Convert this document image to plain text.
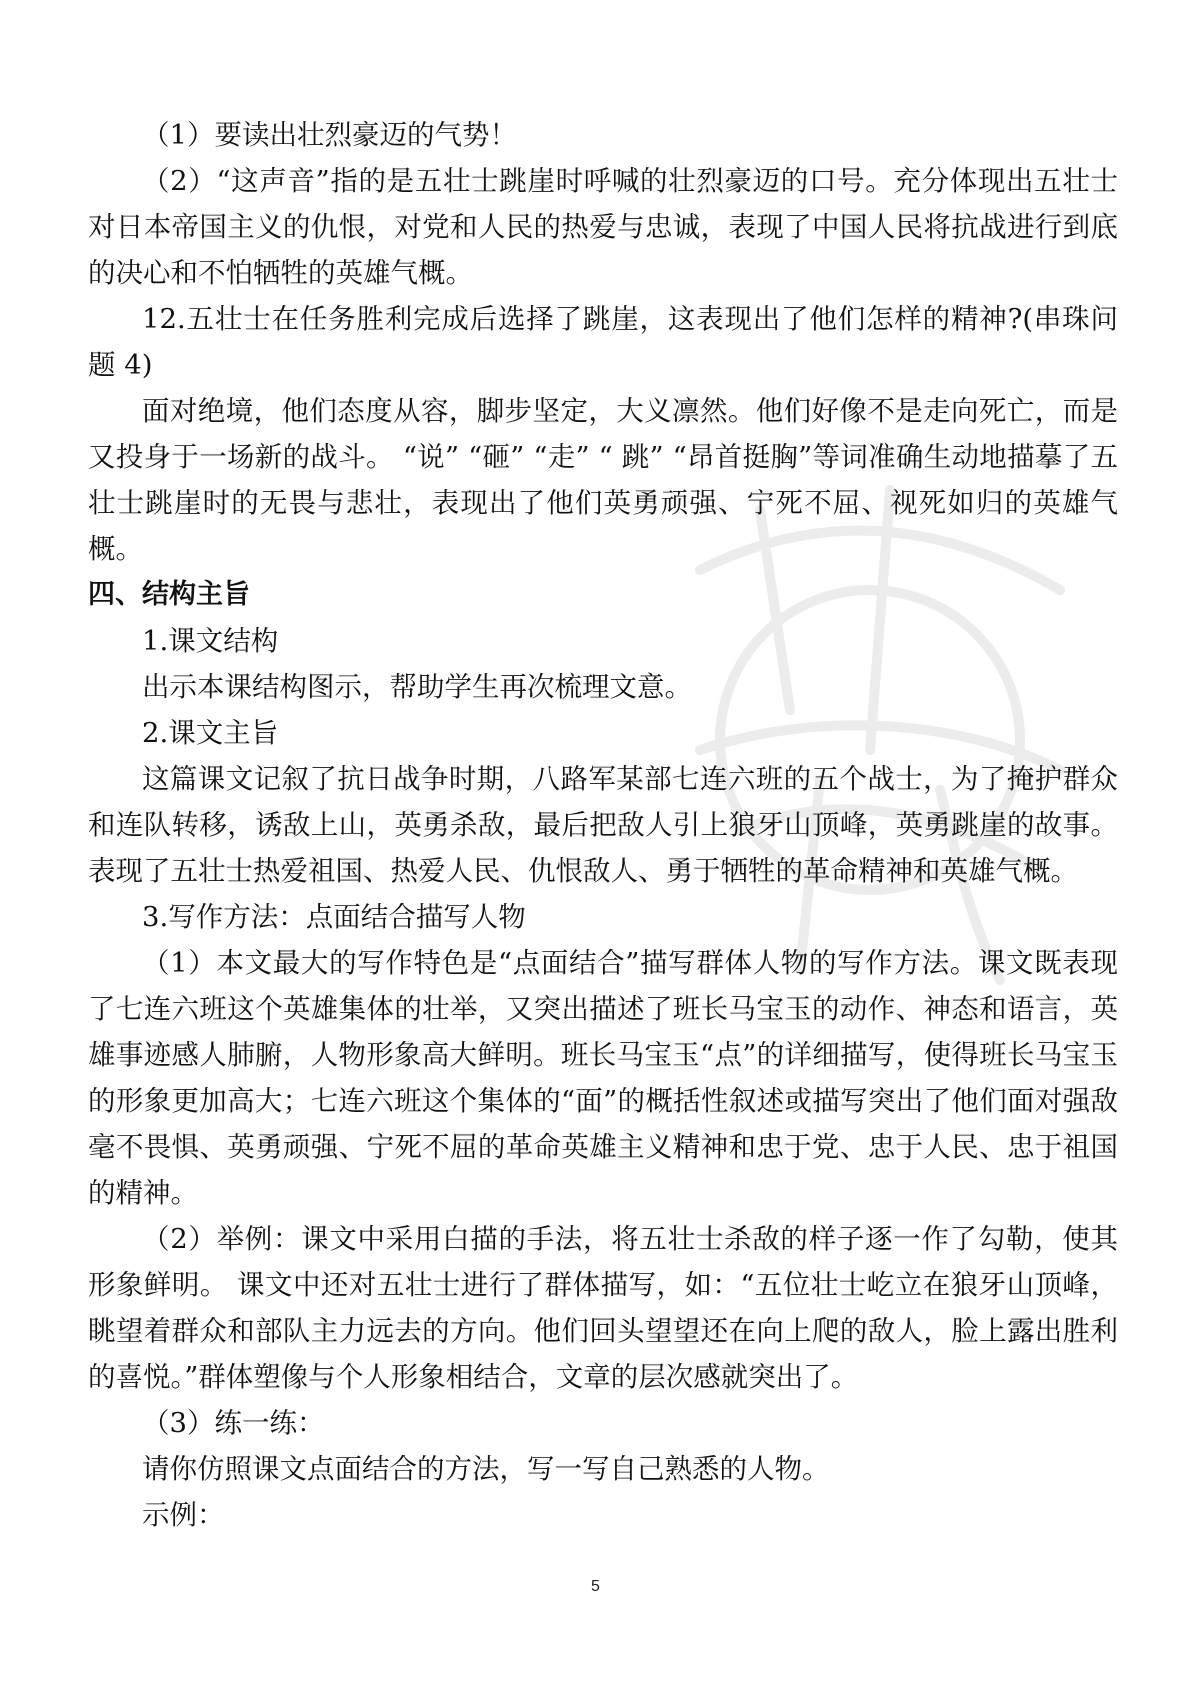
（1）要读出壮烈豪迈的气势！

（2）“这声音”指的是五壮士跳崖时呼喊的壮烈豪迈的口号。充分体现出五壮士对日本帝国主义的仇恨，对党和人民的热爱与忠诚，表现了中国人民将抗战进行到底的决心和不怕牺牲的英雄气概。

12.五壮士在任务胜利完成后选择了跳崖，这表现出了他们怎样的精神?(串珠问题 4)

面对绝境，他们态度从容，脚步坚定，大义凛然。他们好像不是走向死亡，而是又投身于一场新的战斗。 “说” “砸” “走” “ 跳” “昂首挺胸”等词准确生动地描摹了五壮士跳崖时的无畏与悲壮，表现出了他们英勇顽强、宁死不屈、视死如归的英雄气概。

四、结构主旨

1.课文结构

出示本课结构图示，帮助学生再次梳理文意。

2.课文主旨

这篇课文记叙了抗日战争时期，八路军某部七连六班的五个战士，为了掩护群众和连队转移，诱敌上山，英勇杀敌，最后把敌人引上狼牙山顶峰，英勇跳崖的故事。表现了五壮士热爱祖国、热爱人民、仇恨敌人、勇于牺牲的革命精神和英雄气概。

3.写作方法：点面结合描写人物

（1）本文最大的写作特色是“点面结合”描写群体人物的写作方法。课文既表现了七连六班这个英雄集体的壮举，又突出描述了班长马宝玉的动作、神态和语言，英雄事迹感人肺腑，人物形象高大鲜明。班长马宝玉“点”的详细描写，使得班长马宝玉的形象更加高大；七连六班这个集体的“面”的概括性叙述或描写突出了他们面对强敌毫不畏惧、英勇顽强、宁死不屈的革命英雄主义精神和忠于党、忠于人民、忠于祖国的精神。

（2）举例：课文中采用白描的手法，将五壮士杀敌的样子逐一作了勾勒，使其形象鲜明。 课文中还对五壮士进行了群体描写，如：“五位壮士屹立在狼牙山顶峰，眺望着群众和部队主力远去的方向。他们回头望望还在向上爬的敌人，脸上露出胜利的喜悦。”群体塑像与个人形象相结合，文章的层次感就突出了。

（3）练一练：

请你仿照课文点面结合的方法，写一写自己熟悉的人物。

示例：

5
